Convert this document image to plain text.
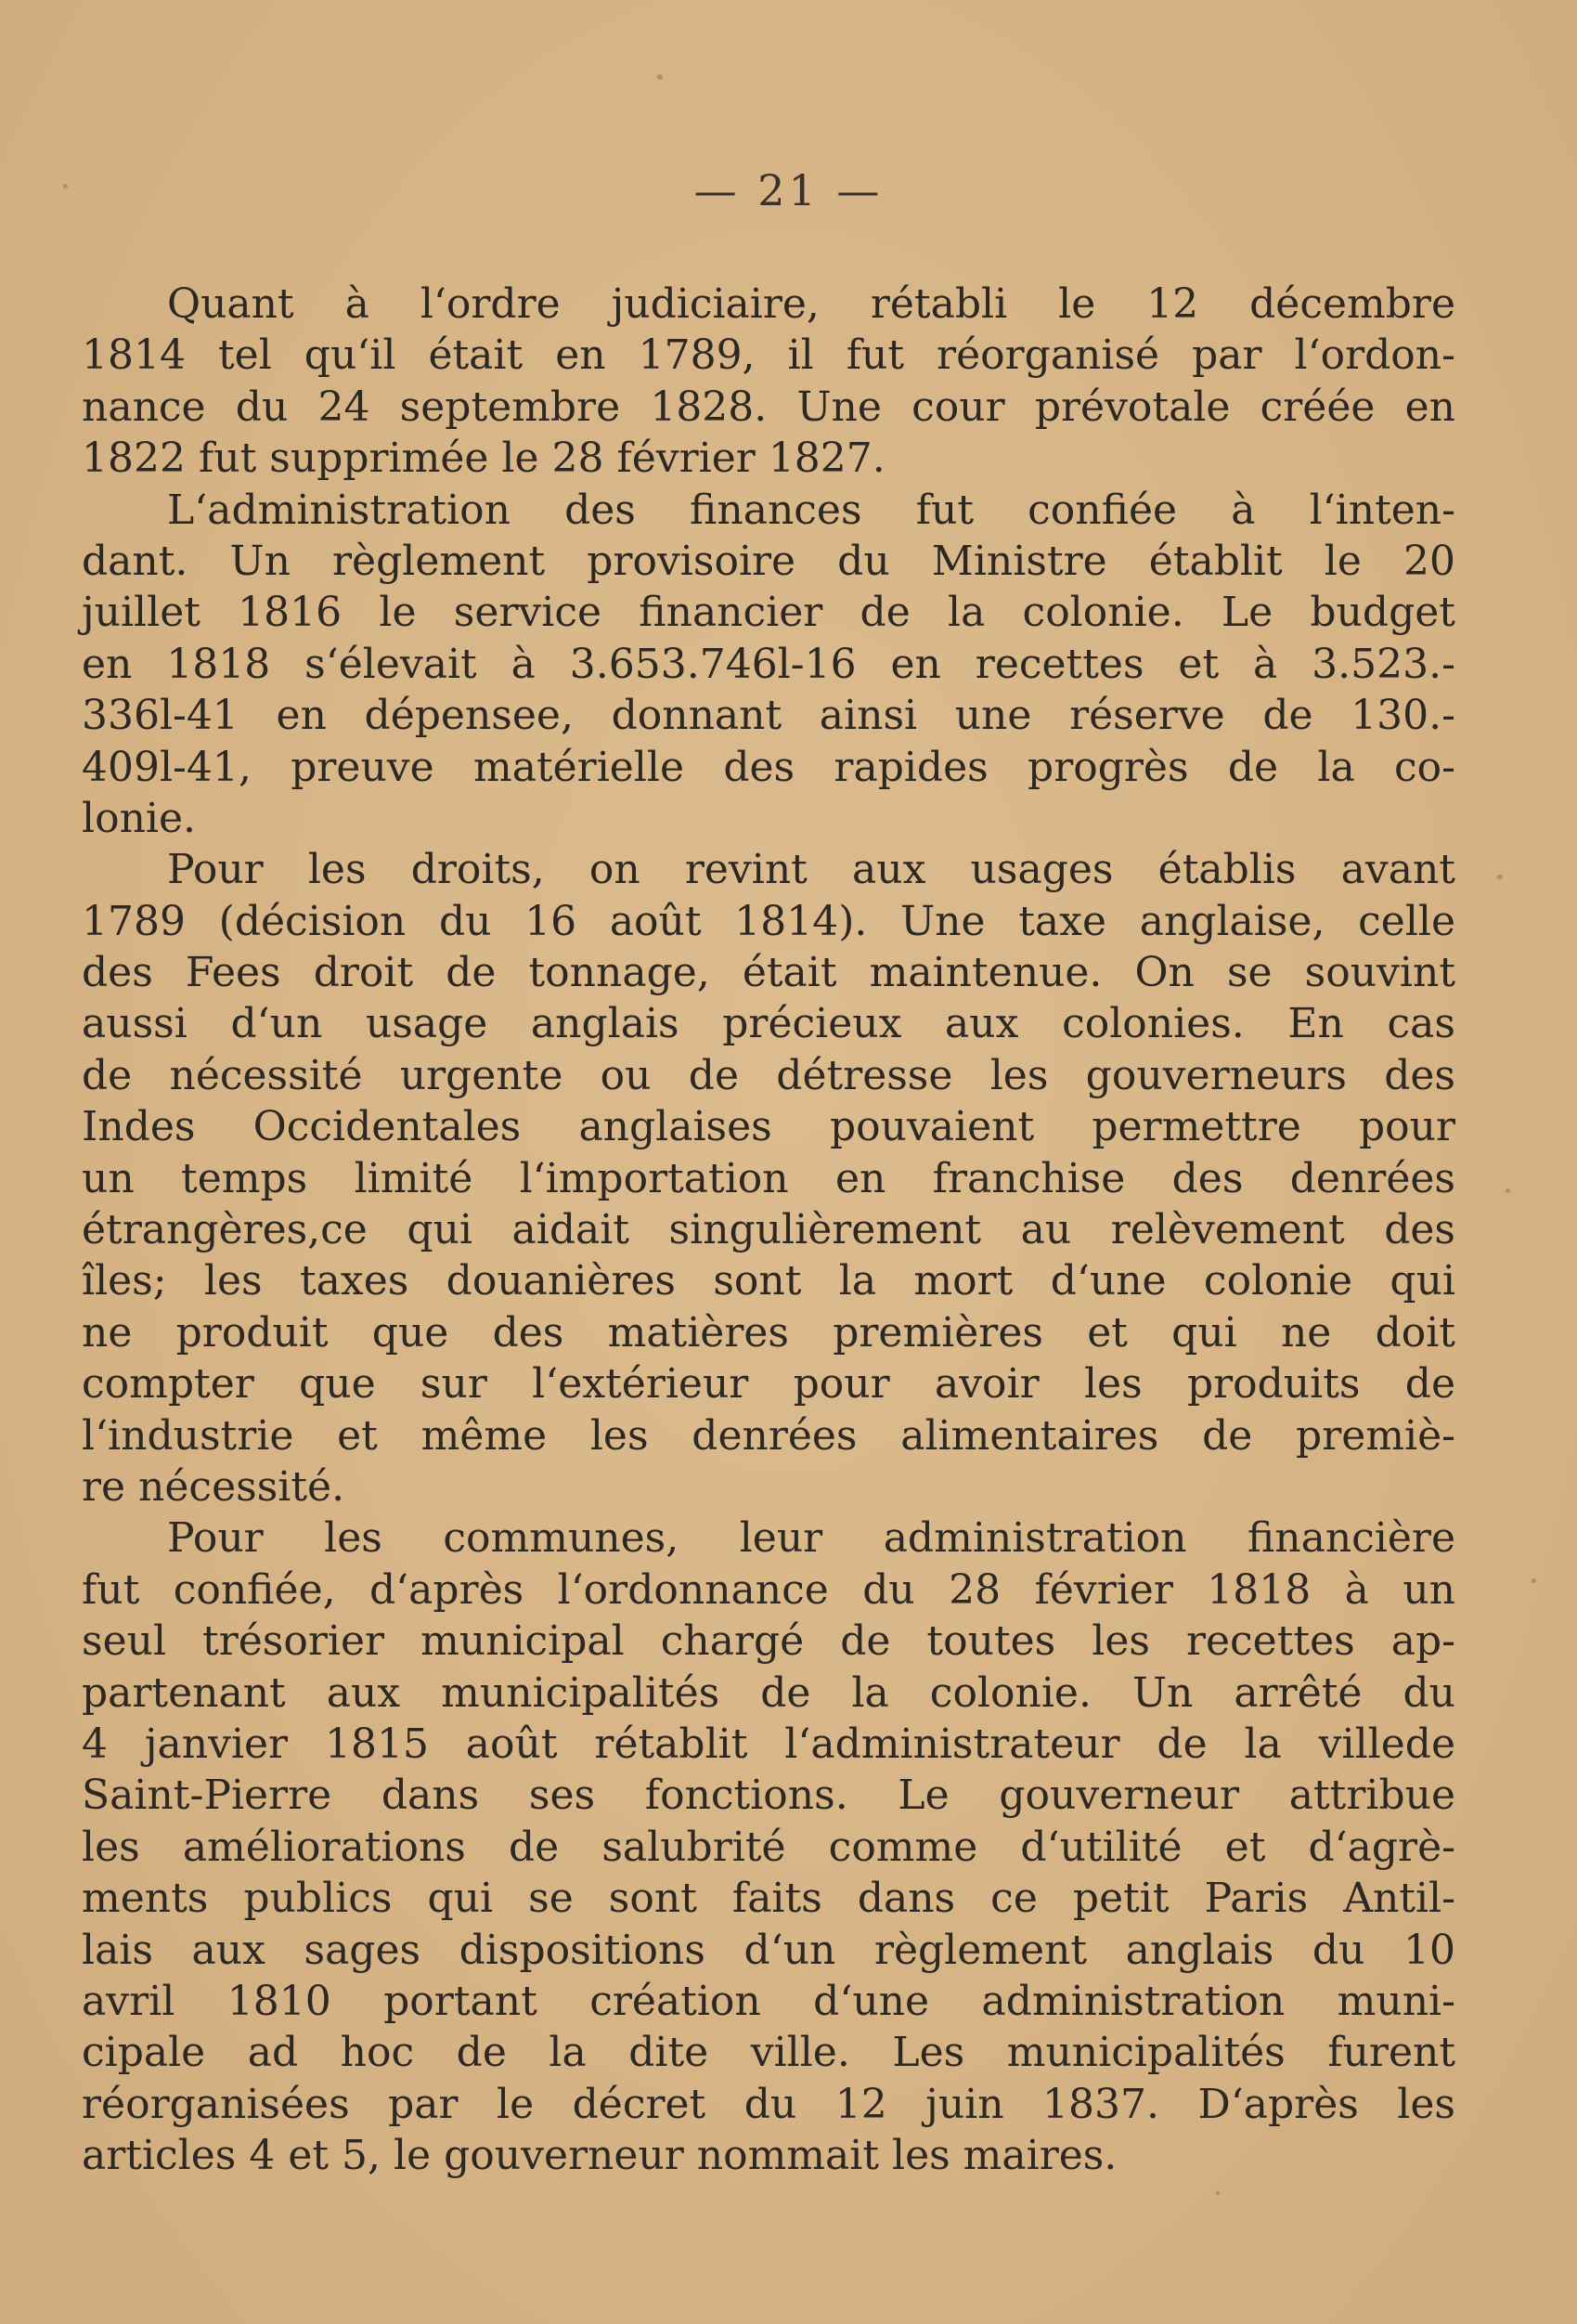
— 21 —
Quant à l‘ordre judiciaire, rétabli le 12 décembre
1814 tel qu‘il était en 1789, il fut réorganisé par l‘ordon-
nance du 24 septembre 1828. Une cour prévotale créée en
1822 fut supprimée le 28 février 1827.
L‘administration des finances fut confiée à l‘inten-
dant. Un règlement provisoire du Ministre établit le 20
juillet 1816 le service financier de la colonie. Le budget
en 1818 s‘élevait à 3.653.746l-16 en recettes et à 3.523.-
336l-41 en dépensee, donnant ainsi une réserve de 130.-
409l-41, preuve matérielle des rapides progrès de la co-
lonie.
Pour les droits, on revint aux usages établis avant
1789 (décision du 16 août 1814). Une taxe anglaise, celle
des Fees droit de tonnage, était maintenue. On se souvint
aussi d‘un usage anglais précieux aux colonies. En cas
de nécessité urgente ou de détresse les gouverneurs des
Indes Occidentales anglaises pouvaient permettre pour
un temps limité l‘importation en franchise des denrées
étrangères,ce qui aidait singulièrement au relèvement des
îles; les taxes douanières sont la mort d‘une colonie qui
ne produit que des matières premières et qui ne doit
compter que sur l‘extérieur pour avoir les produits de
l‘industrie et même les denrées alimentaires de premiè-
re nécessité.
Pour les communes, leur administration financière
fut confiée, d‘après l‘ordonnance du 28 février 1818 à un
seul trésorier municipal chargé de toutes les recettes ap-
partenant aux municipalités de la colonie. Un arrêté du
4 janvier 1815 août rétablit l‘administrateur de la villede
Saint-Pierre dans ses fonctions. Le gouverneur attribue
les améliorations de salubrité comme d‘utilité et d‘agrè-
ments publics qui se sont faits dans ce petit Paris Antil-
lais aux sages dispositions d‘un règlement anglais du 10
avril 1810 portant création d‘une administration muni-
cipale ad hoc de la dite ville. Les municipalités furent
réorganisées par le décret du 12 juin 1837. D‘après les
articles 4 et 5, le gouverneur nommait les maires.
